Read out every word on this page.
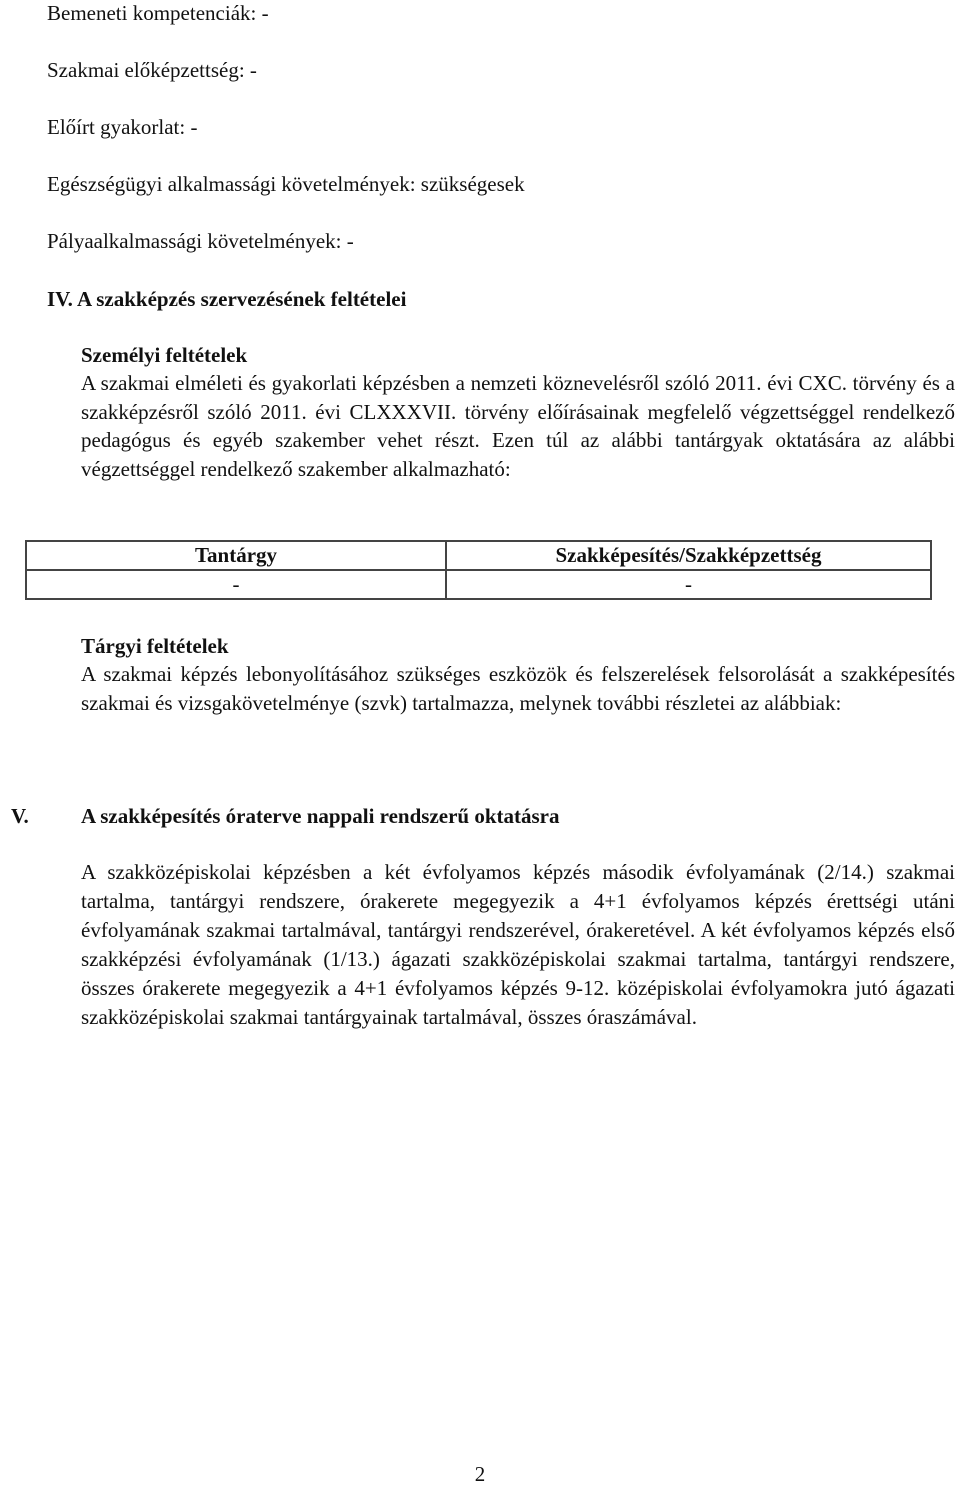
Bemeneti kompetenciák: -
Szakmai előképzettség: -
Előírt gyakorlat: -
Egészségügyi alkalmassági követelmények: szükségesek
Pályaalkalmassági követelmények: -
IV. A szakképzés szervezésének feltételei
Személyi feltételek
A szakmai elméleti és gyakorlati képzésben a nemzeti köznevelésről szóló 2011. évi CXC. törvény és a szakképzésről szóló 2011. évi CLXXXVII. törvény előírásainak megfelelő végzettséggel rendelkező pedagógus és egyéb szakember vehet részt. Ezen túl az alábbi tantárgyak oktatására az alábbi végzettséggel rendelkező szakember alkalmazható:
Tantárgy	Szakképesítés/Szakképzettség
-	-
Tárgyi feltételek
A szakmai képzés lebonyolításához szükséges eszközök és felszerelések felsorolását a szakképesítés szakmai és vizsgakövetelménye (szvk) tartalmazza, melynek további részletei az alábbiak:
V. A szakképesítés óraterve nappali rendszerű oktatásra
A szakközépiskolai képzésben a két évfolyamos képzés második évfolyamának (2/14.) szakmai tartalma, tantárgyi rendszere, órakerete megegyezik a 4+1 évfolyamos képzés érettségi utáni évfolyamának szakmai tartalmával, tantárgyi rendszerével, órakeretével. A két évfolyamos képzés első szakképzési évfolyamának (1/13.) ágazati szakközépiskolai szakmai tartalma, tantárgyi rendszere, összes órakerete megegyezik a 4+1 évfolyamos képzés 9-12. középiskolai évfolyamokra jutó ágazati szakközépiskolai szakmai tantárgyainak tartalmával, összes óraszámával.
2
